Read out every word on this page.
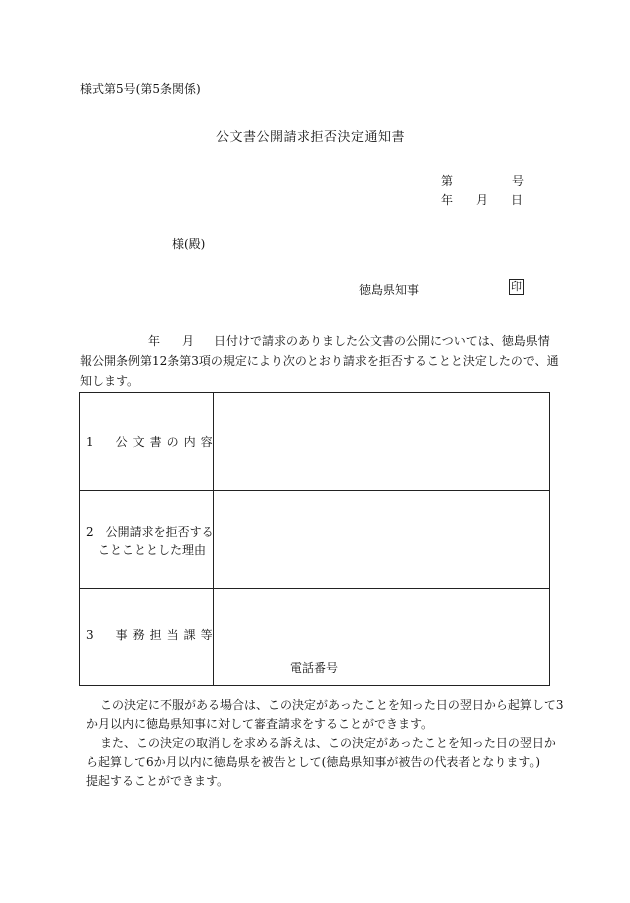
様式第5号(第5条関係)
公文書公開請求拒否決定通知書
第	号
年 月 日
様(殿)
徳島県知事	印
年 月 日付けで請求のありました公文書の公開については、徳島県情
報公開条例第12条第3項の規定により次のとおり請求を拒否することと決定したので、通
知します。
1　公文書の内容
2　公開請求を拒否する
　ことこととした理由
3　事務担当課等
電話番号
この決定に不服がある場合は、この決定があったことを知った日の翌日から起算して3
か月以内に徳島県知事に対して審査請求をすることができます。
また、この決定の取消しを求める訴えは、この決定があったことを知った日の翌日か
ら起算して6か月以内に徳島県を被告として(徳島県知事が被告の代表者となります。)
提起することができます。
